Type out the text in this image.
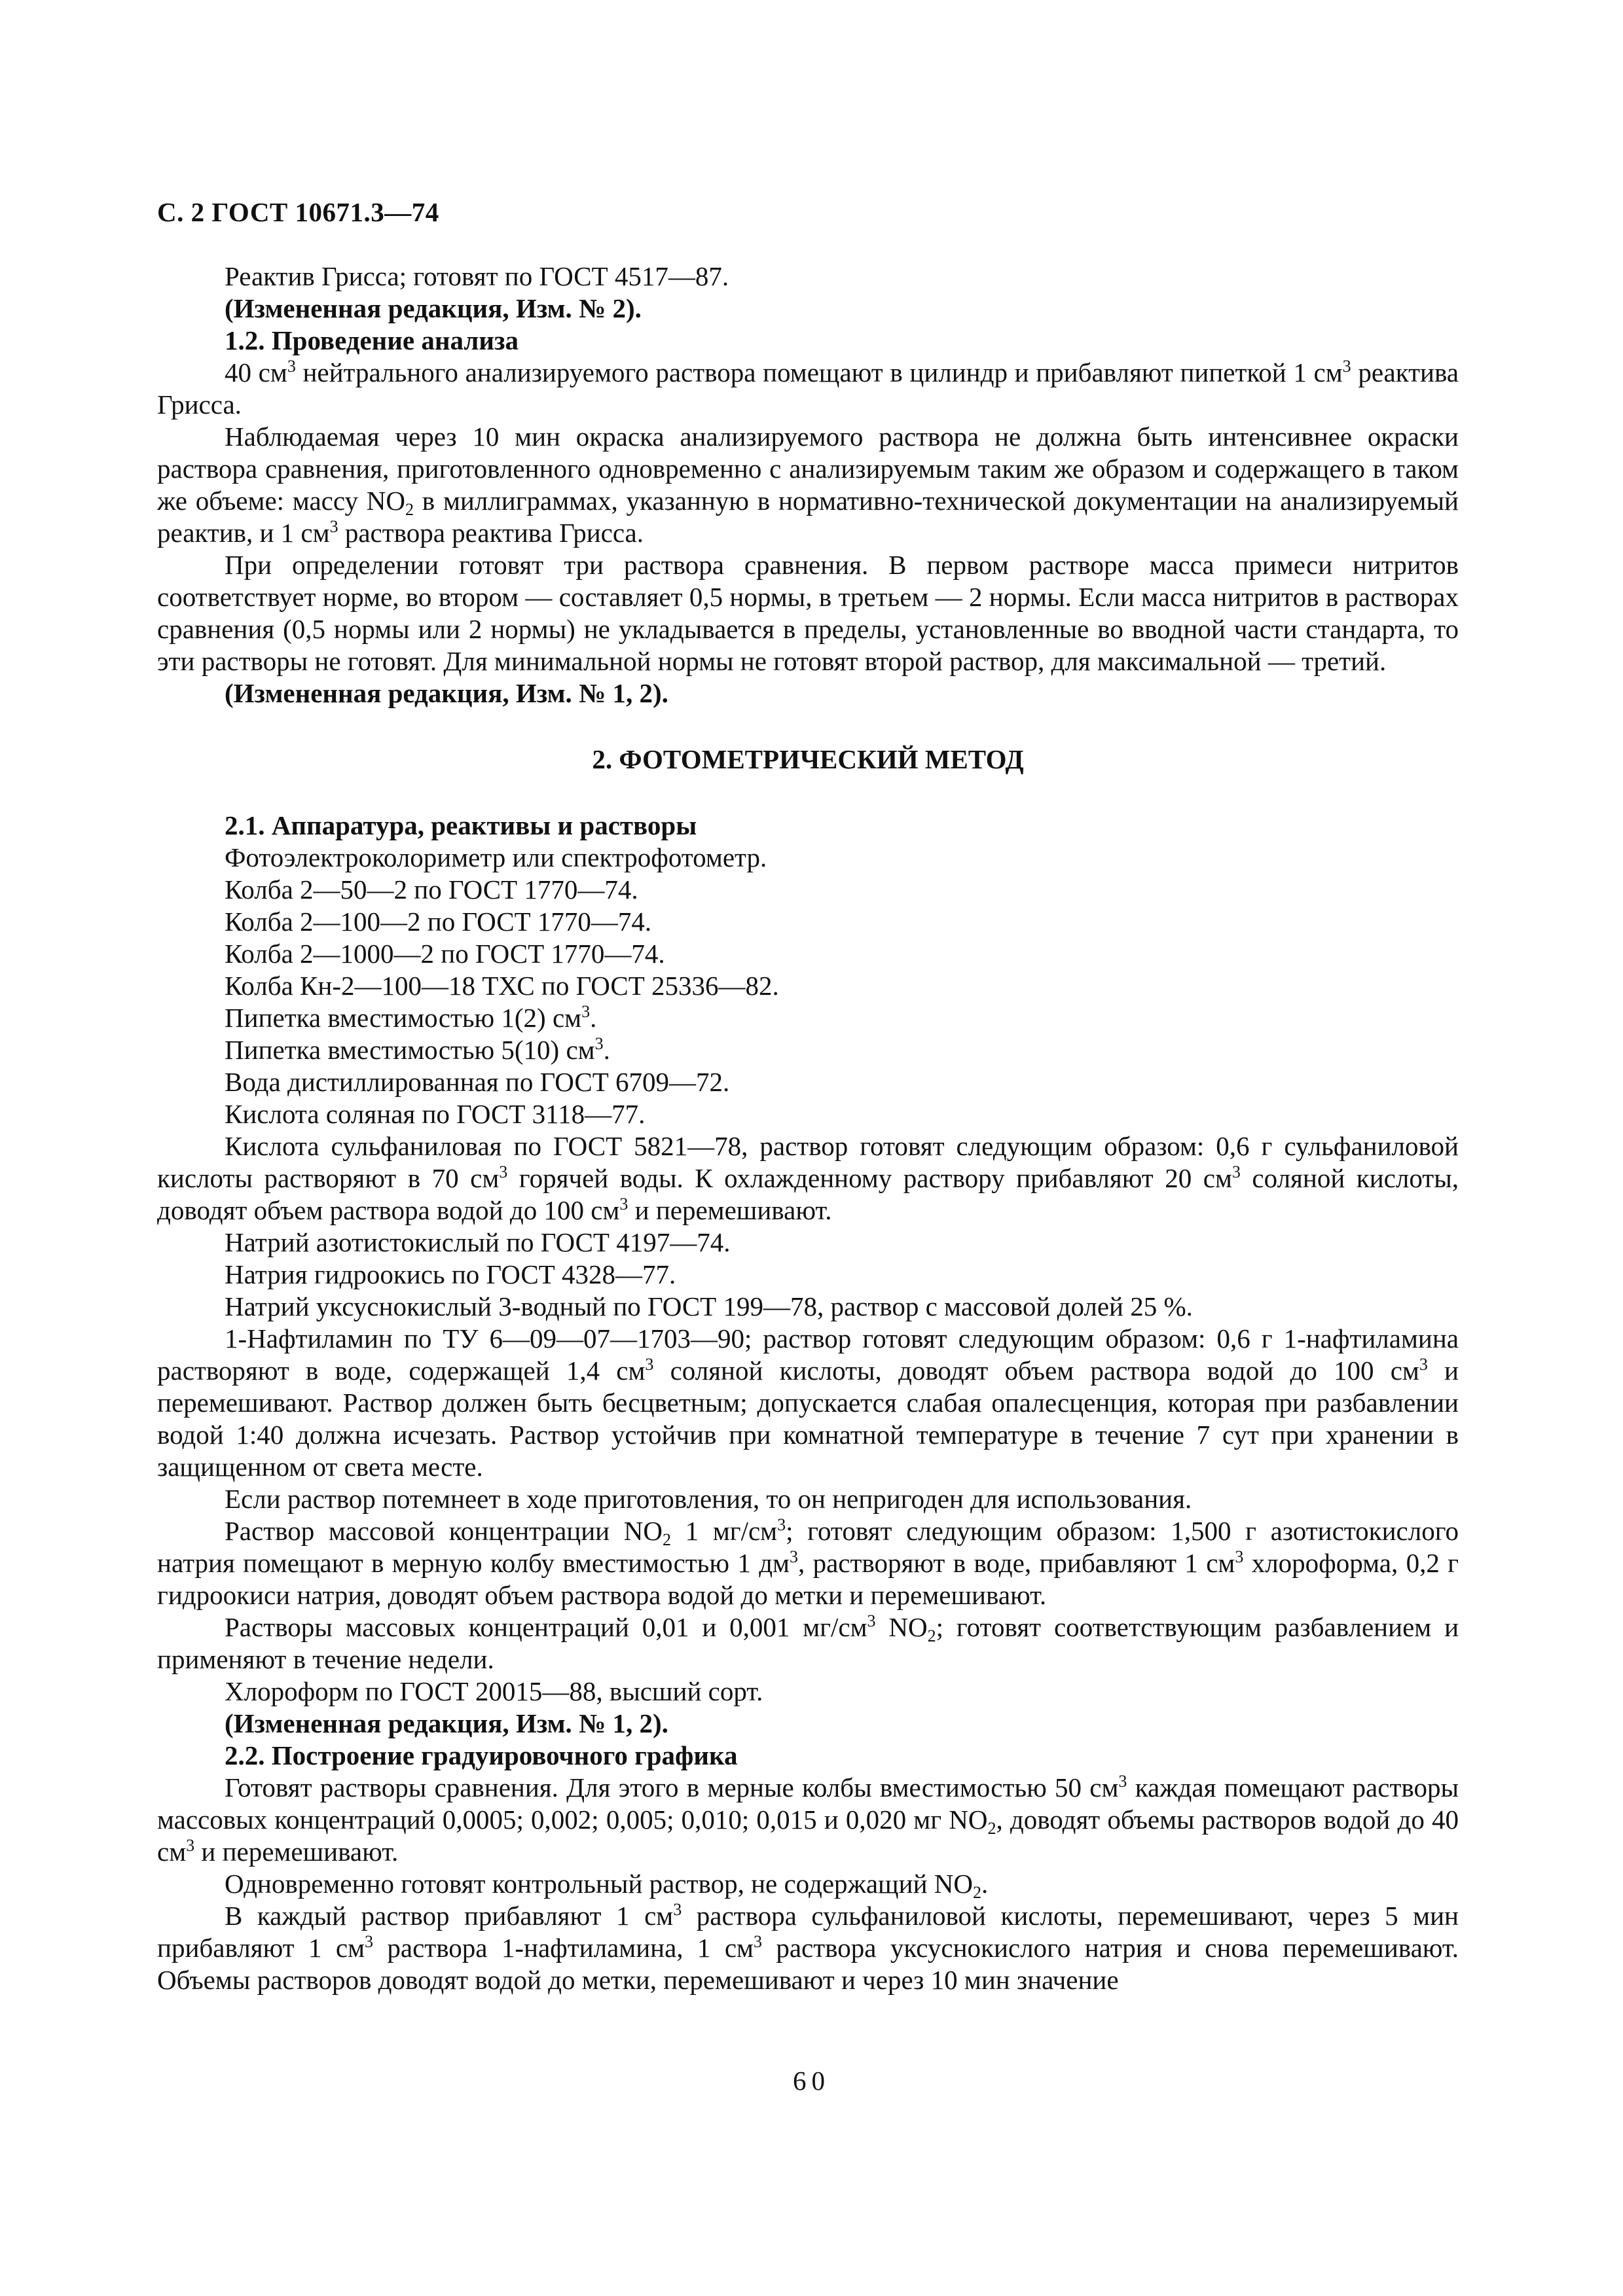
С. 2 ГОСТ 10671.3—74

Реактив Грисса; готовят по ГОСТ 4517—87.

(Измененная редакция, Изм. № 2).

1.2. Проведение анализа

40 $см^3$ нейтрального анализируемого раствора помещают в цилиндр и прибавляют пипеткой 1 $см^3$ реактива Грисса.

Наблюдаемая через 10 мин окраска анализируемого раствора не должна быть интенсивнее окраски раствора сравнения, приготовленного одновременно с анализируемым таким же образом и содержащего в таком же объеме: массу $NO_2$ в миллиграммах, указанную в нормативно-технической документации на анализируемый реактив, и 1 $см^3$ раствора реактива Грисса.

При определении готовят три раствора сравнения. В первом растворе масса примеси нитритов соответствует норме, во втором — составляет 0,5 нормы, в третьем — 2 нормы. Если масса нитритов в растворах сравнения (0,5 нормы или 2 нормы) не укладывается в пределы, установленные во вводной части стандарта, то эти растворы не готовят. Для минимальной нормы не готовят второй раствор, для максимальной — третий.

(Измененная редакция, Изм. № 1, 2).

2. ФОТОМЕТРИЧЕСКИЙ МЕТОД

2.1. Аппаратура, реактивы и растворы

Фотоэлектроколориметр или спектрофотометр.

Колба 2—50—2 по ГОСТ 1770—74.

Колба 2—100—2 по ГОСТ 1770—74.

Колба 2—1000—2 по ГОСТ 1770—74.

Колба Кн-2—100—18 ТХС по ГОСТ 25336—82.

Пипетка вместимостью 1(2) $см^3$.

Пипетка вместимостью 5(10) $см^3$.

Вода дистиллированная по ГОСТ 6709—72.

Кислота соляная по ГОСТ 3118—77.

Кислота сульфаниловая по ГОСТ 5821—78, раствор готовят следующим образом: 0,6 г сульфаниловой кислоты растворяют в 70 $см^3$ горячей воды. К охлажденному раствору прибавляют 20 $см^3$ соляной кислоты, доводят объем раствора водой до 100 $см^3$ и перемешивают.

Натрий азотистокислый по ГОСТ 4197—74.

Натрия гидроокись по ГОСТ 4328—77.

Натрий уксуснокислый 3-водный по ГОСТ 199—78, раствор с массовой долей 25 %.

1-Нафтиламин по ТУ 6—09—07—1703—90; раствор готовят следующим образом: 0,6 г 1-нафтиламина растворяют в воде, содержащей 1,4 $см^3$ соляной кислоты, доводят объем раствора водой до 100 $см^3$ и перемешивают. Раствор должен быть бесцветным; допускается слабая опалесценция, которая при разбавлении водой 1:40 должна исчезать. Раствор устойчив при комнатной температуре в течение 7 сут при хранении в защищенном от света месте.

Если раствор потемнеет в ходе приготовления, то он непригоден для использования.

Раствор массовой концентрации $NO_2$ 1 $мг/см^3$; готовят следующим образом: 1,500 г азотистокислого натрия помещают в мерную колбу вместимостью 1 $дм^3$, растворяют в воде, прибавляют 1 $см^3$ хлороформа, 0,2 г гидроокиси натрия, доводят объем раствора водой до метки и перемешивают.

Растворы массовых концентраций 0,01 и 0,001 $мг/см^3$ $NO_2$; готовят соответствующим разбавлением и применяют в течение недели.

Хлороформ по ГОСТ 20015—88, высший сорт.

(Измененная редакция, Изм. № 1, 2).

2.2. Построение градуировочного графика

Готовят растворы сравнения. Для этого в мерные колбы вместимостью 50 $см^3$ каждая помещают растворы массовых концентраций 0,0005; 0,002; 0,005; 0,010; 0,015 и 0,020 мг $NO_2$, доводят объемы растворов водой до 40 $см^3$ и перемешивают.

Одновременно готовят контрольный раствор, не содержащий $NO_2$.

В каждый раствор прибавляют 1 $см^3$ раствора сульфаниловой кислоты, перемешивают, через 5 мин прибавляют 1 $см^3$ раствора 1-нафтиламина, 1 $см^3$ раствора уксуснокислого натрия и снова перемешивают. Объемы растворов доводят водой до метки, перемешивают и через 10 мин значение

60
